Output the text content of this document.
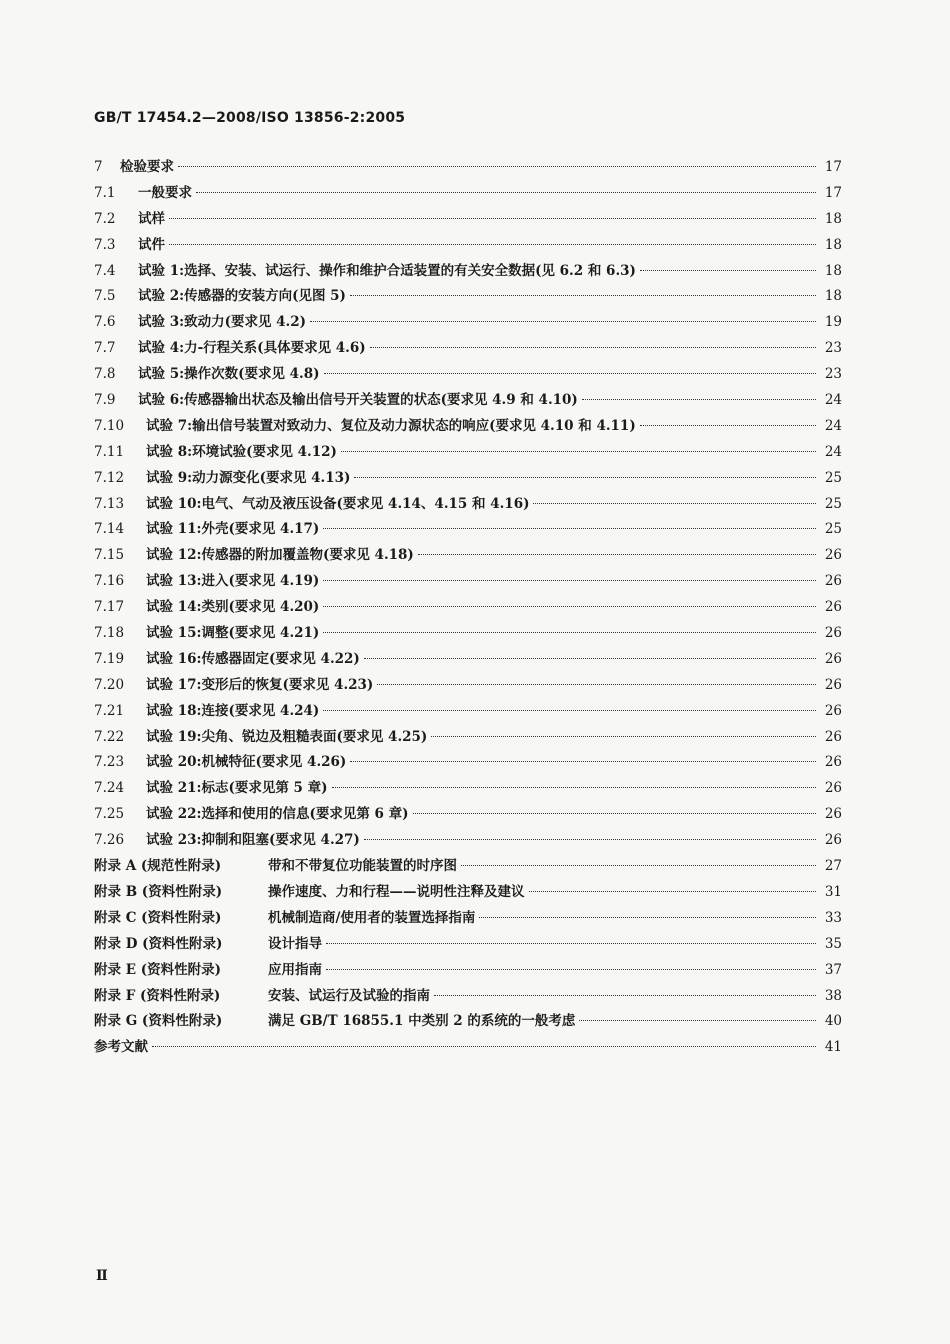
GB/T 17454.2—2008/ISO 13856-2:2005
7	检验要求	17
7.1	一般要求	17
7.2	试样	18
7.3	试件	18
7.4	试验 1:选择、安装、试运行、操作和维护合适装置的有关安全数据(见 6.2 和 6.3)	18
7.5	试验 2:传感器的安装方向(见图 5)	18
7.6	试验 3:致动力(要求见 4.2)	19
7.7	试验 4:力-行程关系(具体要求见 4.6)	23
7.8	试验 5:操作次数(要求见 4.8)	23
7.9	试验 6:传感器输出状态及输出信号开关装置的状态(要求见 4.9 和 4.10)	24
7.10	试验 7:输出信号装置对致动力、复位及动力源状态的响应(要求见 4.10 和 4.11)	24
7.11	试验 8:环境试验(要求见 4.12)	24
7.12	试验 9:动力源变化(要求见 4.13)	25
7.13	试验 10:电气、气动及液压设备(要求见 4.14、4.15 和 4.16)	25
7.14	试验 11:外壳(要求见 4.17)	25
7.15	试验 12:传感器的附加覆盖物(要求见 4.18)	26
7.16	试验 13:进入(要求见 4.19)	26
7.17	试验 14:类别(要求见 4.20)	26
7.18	试验 15:调整(要求见 4.21)	26
7.19	试验 16:传感器固定(要求见 4.22)	26
7.20	试验 17:变形后的恢复(要求见 4.23)	26
7.21	试验 18:连接(要求见 4.24)	26
7.22	试验 19:尖角、锐边及粗糙表面(要求见 4.25)	26
7.23	试验 20:机械特征(要求见 4.26)	26
7.24	试验 21:标志(要求见第 5 章)	26
7.25	试验 22:选择和使用的信息(要求见第 6 章)	26
7.26	试验 23:抑制和阻塞(要求见 4.27)	26
附录 A (规范性附录)	带和不带复位功能装置的时序图	27
附录 B (资料性附录)	操作速度、力和行程——说明性注释及建议	31
附录 C (资料性附录)	机械制造商/使用者的装置选择指南	33
附录 D (资料性附录)	设计指导	35
附录 E (资料性附录)	应用指南	37
附录 F (资料性附录)	安装、试运行及试验的指南	38
附录 G (资料性附录)	满足 GB/T 16855.1 中类别 2 的系统的一般考虑	40
参考文献	41
Ⅱ
